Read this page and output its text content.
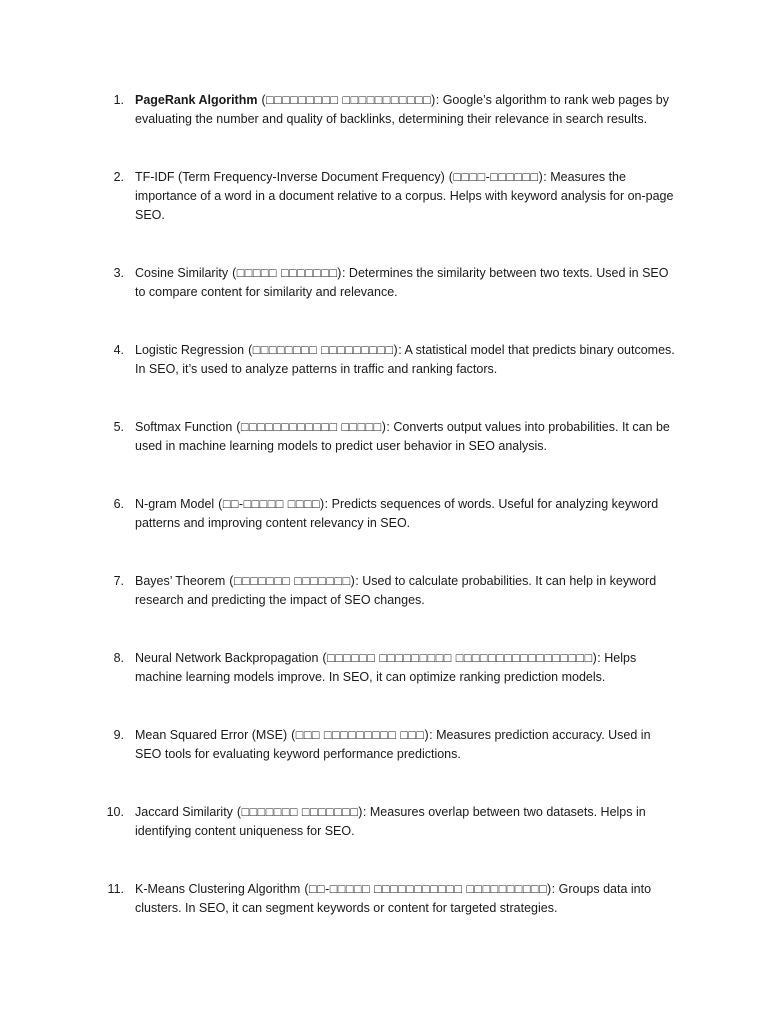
1. PageRank Algorithm (□□□□□□□□□ □□□□□□□□□□□): Google’s algorithm to rank web pages by evaluating the number and quality of backlinks, determining their relevance in search results.
2. TF-IDF (Term Frequency-Inverse Document Frequency) (□□□□-□□□□□□): Measures the importance of a word in a document relative to a corpus. Helps with keyword analysis for on-page SEO.
3. Cosine Similarity (□□□□□ □□□□□□□): Determines the similarity between two texts. Used in SEO to compare content for similarity and relevance.
4. Logistic Regression (□□□□□□□□ □□□□□□□□□): A statistical model that predicts binary outcomes. In SEO, it’s used to analyze patterns in traffic and ranking factors.
5. Softmax Function (□□□□□□□□□□□□ □□□□□): Converts output values into probabilities. It can be used in machine learning models to predict user behavior in SEO analysis.
6. N-gram Model (□□-□□□□□ □□□□): Predicts sequences of words. Useful for analyzing keyword patterns and improving content relevancy in SEO.
7. Bayes’ Theorem (□□□□□□□ □□□□□□□): Used to calculate probabilities. It can help in keyword research and predicting the impact of SEO changes.
8. Neural Network Backpropagation (□□□□□□ □□□□□□□□□ □□□□□□□□□□□□□□□□□): Helps machine learning models improve. In SEO, it can optimize ranking prediction models.
9. Mean Squared Error (MSE) (□□□ □□□□□□□□□ □□□): Measures prediction accuracy. Used in SEO tools for evaluating keyword performance predictions.
10. Jaccard Similarity (□□□□□□□ □□□□□□□): Measures overlap between two datasets. Helps in identifying content uniqueness for SEO.
11. K-Means Clustering Algorithm (□□-□□□□□ □□□□□□□□□□□ □□□□□□□□□□): Groups data into clusters. In SEO, it can segment keywords or content for targeted strategies.
